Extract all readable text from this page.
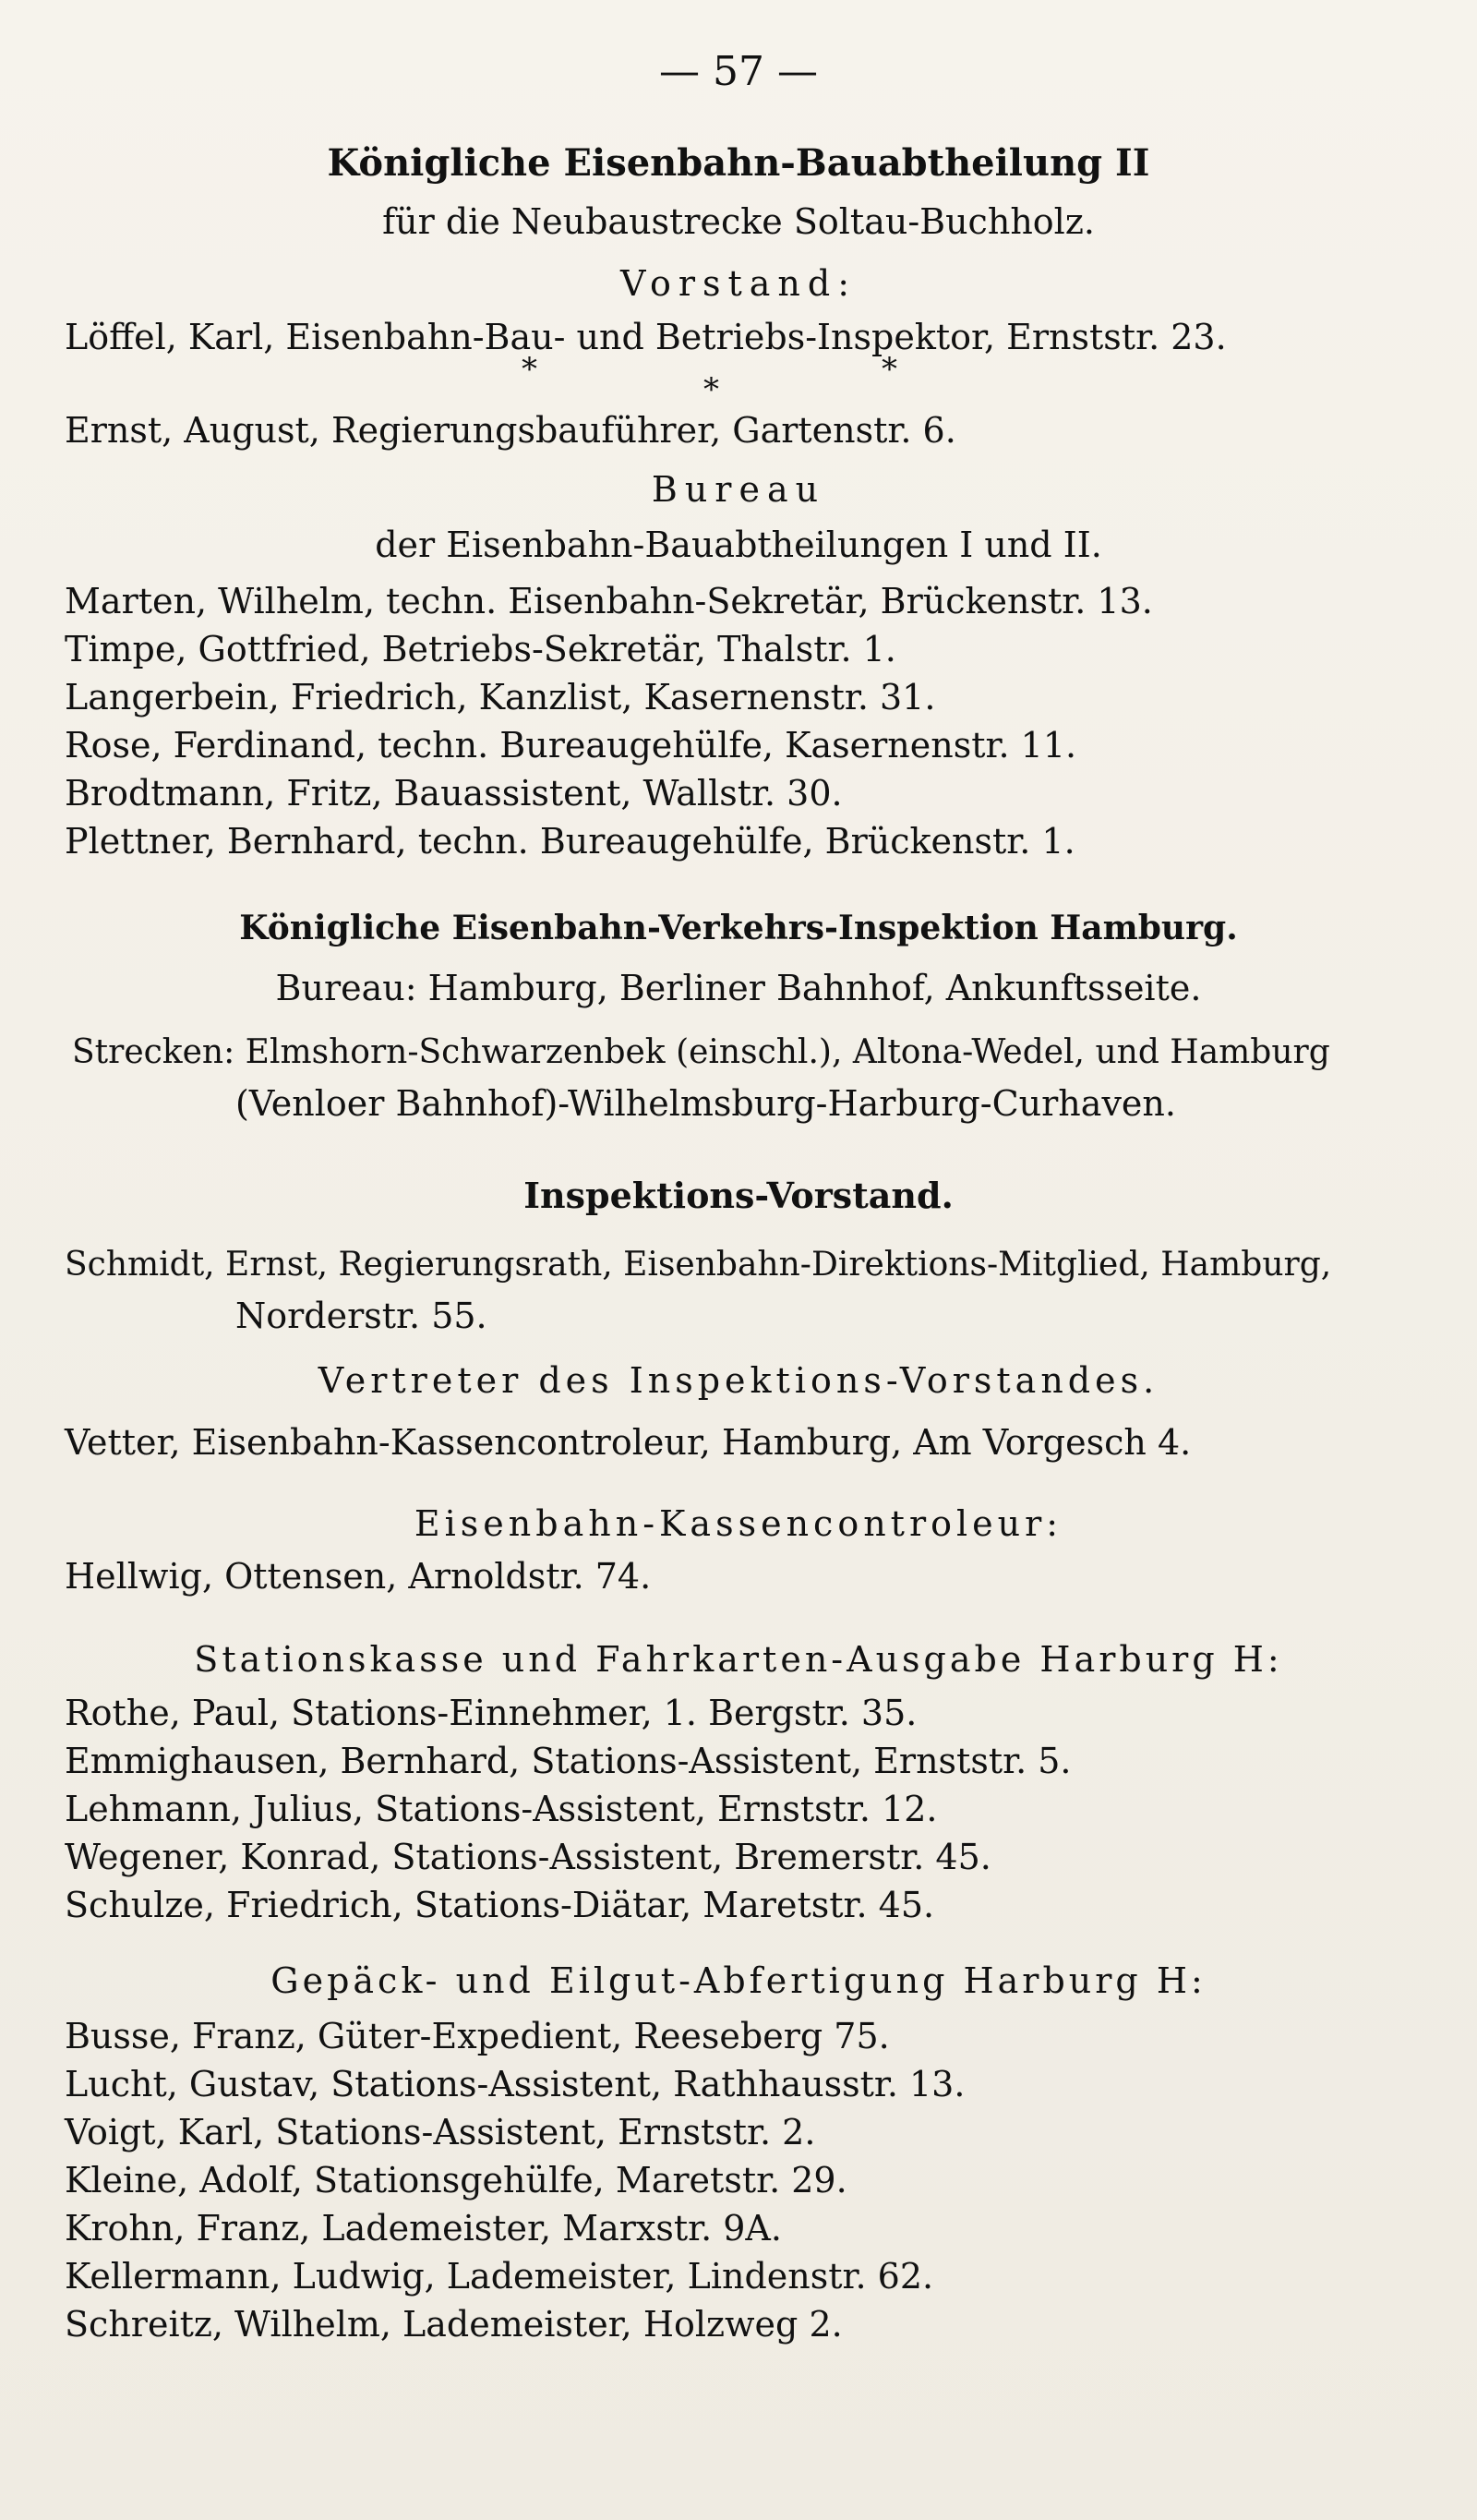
— 57 —
Königliche Eisenbahn-Bauabtheilung II
für die Neubaustrecke Soltau-Buchholz.
Vorstand:
Löffel, Karl, Eisenbahn-Bau- und Betriebs-Inspektor, Ernststr. 23.
*
*
*
Ernst, August, Regierungsbauführer, Gartenstr. 6.
Bureau
der Eisenbahn-Bauabtheilungen I und II.
Marten, Wilhelm, techn. Eisenbahn-Sekretär, Brückenstr. 13.
Timpe, Gottfried, Betriebs-Sekretär, Thalstr. 1.
Langerbein, Friedrich, Kanzlist, Kasernenstr. 31.
Rose, Ferdinand, techn. Bureaugehülfe, Kasernenstr. 11.
Brodtmann, Fritz, Bauassistent, Wallstr. 30.
Plettner, Bernhard, techn. Bureaugehülfe, Brückenstr. 1.
Königliche Eisenbahn-Verkehrs-Inspektion Hamburg.
Bureau: Hamburg, Berliner Bahnhof, Ankunftsseite.
Strecken: Elmshorn-Schwarzenbek (einschl.), Altona-Wedel, und Hamburg
(Venloer Bahnhof)-Wilhelmsburg-Harburg-Curhaven.
Inspektions-Vorstand.
Schmidt, Ernst, Regierungsrath, Eisenbahn-Direktions-Mitglied, Hamburg,
Norderstr. 55.
Vertreter des Inspektions-Vorstandes.
Vetter, Eisenbahn-Kassencontroleur, Hamburg, Am Vorgesch 4.
Eisenbahn-Kassencontroleur:
Hellwig, Ottensen, Arnoldstr. 74.
Stationskasse und Fahrkarten-Ausgabe Harburg H:
Rothe, Paul, Stations-Einnehmer, 1. Bergstr. 35.
Emmighausen, Bernhard, Stations-Assistent, Ernststr. 5.
Lehmann, Julius, Stations-Assistent, Ernststr. 12.
Wegener, Konrad, Stations-Assistent, Bremerstr. 45.
Schulze, Friedrich, Stations-Diätar, Maretstr. 45.
Gepäck- und Eilgut-Abfertigung Harburg H:
Busse, Franz, Güter-Expedient, Reeseberg 75.
Lucht, Gustav, Stations-Assistent, Rathhausstr. 13.
Voigt, Karl, Stations-Assistent, Ernststr. 2.
Kleine, Adolf, Stationsgehülfe, Maretstr. 29.
Krohn, Franz, Lademeister, Marxstr. 9A.
Kellermann, Ludwig, Lademeister, Lindenstr. 62.
Schreitz, Wilhelm, Lademeister, Holzweg 2.
